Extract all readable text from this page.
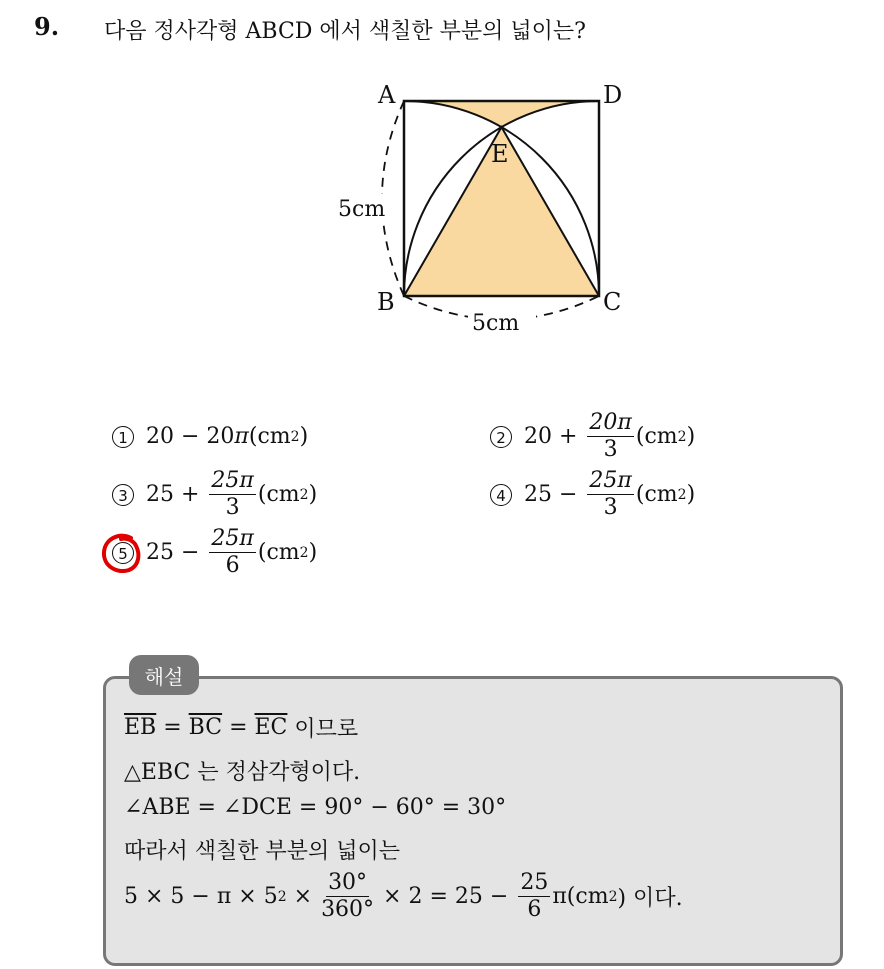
9. 다음 정사각형 ABCD 에서 색칠한 부분의 넓이는?
A	D
B	C
E
5cm
5cm
1 20 − 20 π (cm 2 )	2 $20 + \frac{20\pi}{3} (cm$ 2 )
3 $25 + \frac{25\pi}{3} (cm$ 2 )	4 $25 - \frac{25\pi}{3} (cm$ 2 )
5 $25 - \frac{25\pi}{6} (cm$ 2 )
해설
$\overline{EB} = \overline{BC} = \overline{EC}$ 이므로
△EBC 는 정삼각형이다.
∠ABE = ∠DCE = 90° − 60° = 30°
따라서 색칠한 부분의 넓이는
5 × 5 − π × 5 $2 \times \frac{30^\circ}{360^\circ} \times 2 = 25 - \frac{25}{6} \pi(cm$ 2 ) 이다.
